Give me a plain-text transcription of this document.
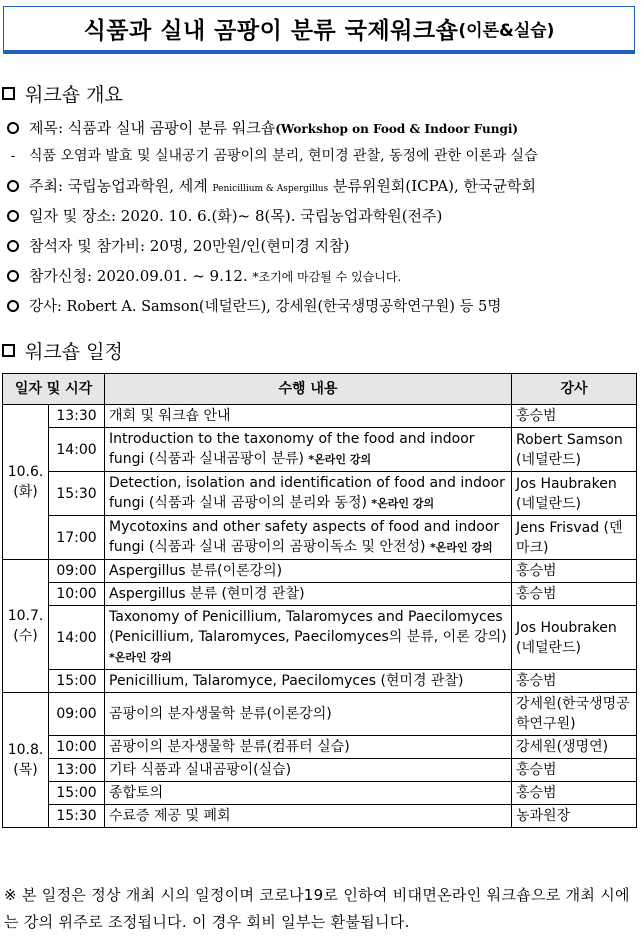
식품과 실내 곰팡이 분류 국제워크숍 (이론&실습)
워크숍 개요
제목: 식품과 실내 곰팡이 분류 워크숍(Workshop on Food & Indoor Fungi)
- 식품 오염과 발효 및 실내공기 곰팡이의 분리, 현미경 관찰, 동정에 관한 이론과 실습
주최: 국립농업과학원, 세계 Penicillium & Aspergillus 분류위원회(ICPA), 한국균학회
일자 및 장소: 2020. 10. 6.(화)~ 8(목). 국립농업과학원(전주)
참석자 및 참가비: 20명, 20만원/인(현미경 지참)
참가신청: 2020.09.01. ~ 9.12. *조기에 마감될 수 있습니다.
강사: Robert A. Samson(네덜란드), 강세원(한국생명공학연구원) 등 5명
워크숍 일정
일자 및 시각		수행 내용	강사

10.6.
(화)	13:30	개회 및 워크숍 안내	홍승범
	14:00	Introduction to the taxonomy of the food and indoor fungi (식품과 실내곰팡이 분류) *온라인 강의	Robert Samson (네덜란드)
	15:30	Detection, isolation and identification of food and indoor fungi (식품과 실내 곰팡이의 분리와 동정) *온라인 강의	Jos Haubraken (네덜란드)
	17:00	Mycotoxins and other safety aspects of food and indoor fungi (식품과 실내 곰팡이의 곰팡이독소 및 안전성) *온라인 강의	Jens Frisvad (덴마크)

10.7.
(수)	09:00	Aspergillus 분류(이론강의)	홍승범
	10:00	Aspergillus 분류 (현미경 관찰)	홍승범
	14:00	Taxonomy of Penicillium, Talaromyces and Paecilomyces (Penicillium, Talaromyces, Paecilomyces의 분류, 이론 강의) *온라인 강의	Jos Houbraken (네덜란드)
	15:00	Penicillium, Talaromyce, Paecilomyces (현미경 관찰)	홍승범

10.8.
(목)	09:00	곰팡이의 분자생물학 분류(이론강의)	강세원(한국생명공학연구원)
	10:00	곰팡이의 분자생물학 분류(컴퓨터 실습)	강세원(생명연)
	13:00	기타 식품과 실내곰팡이(실습)	홍승범
	15:00	종합토의	홍승범
	15:30	수료증 제공 및 폐회	농과원장
※ 본 일정은 정상 개최 시의 일정이며 코로나19로 인하여 비대면온라인 워크숍으로 개최 시에는 강의 위주로 조정됩니다. 이 경우 회비 일부는 환불됩니다.
